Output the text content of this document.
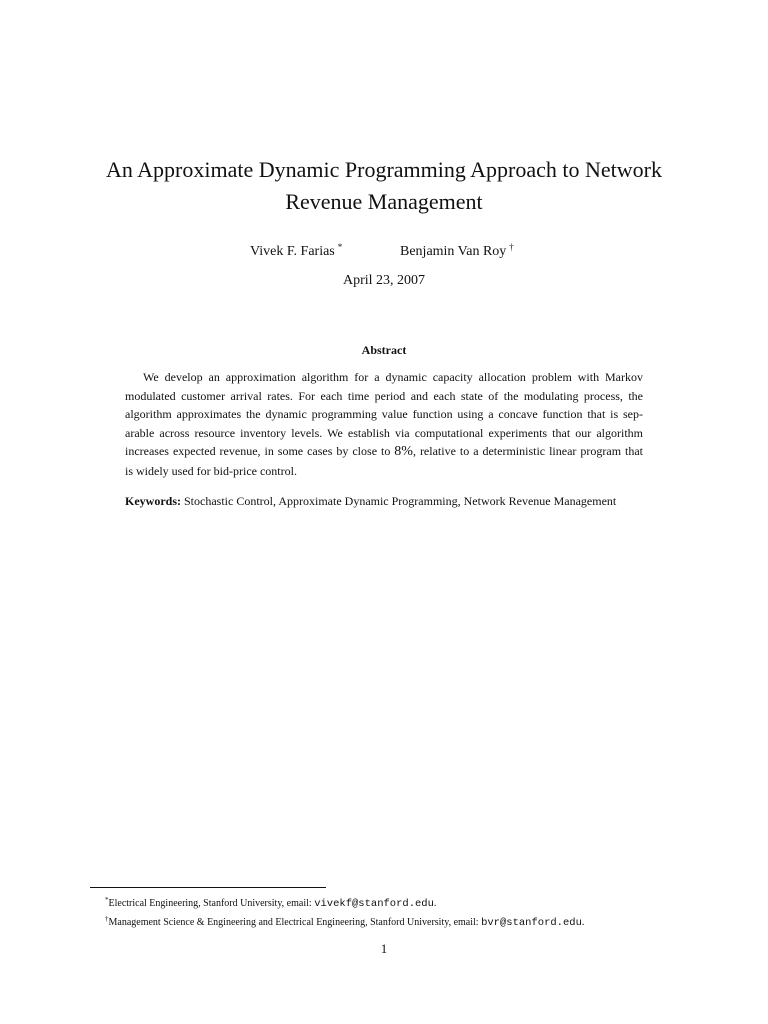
An Approximate Dynamic Programming Approach to Network
Revenue Management
Vivek F. Farias *	Benjamin Van Roy †
April 23, 2007
Abstract
We develop an approximation algorithm for a dynamic capacity allocation problem with Markov
modulated customer arrival rates. For each time period and each state of the modulating process, the
algorithm approximates the dynamic programming value function using a concave function that is sep-
arable across resource inventory levels. We establish via computational experiments that our algorithm
increases expected revenue, in some cases by close to 8%, relative to a deterministic linear program that
is widely used for bid-price control.
Keywords: Stochastic Control, Approximate Dynamic Programming, Network Revenue Management
*Electrical Engineering, Stanford University, email: vivekf@stanford.edu.
†Management Science & Engineering and Electrical Engineering, Stanford University, email: bvr@stanford.edu.
1
